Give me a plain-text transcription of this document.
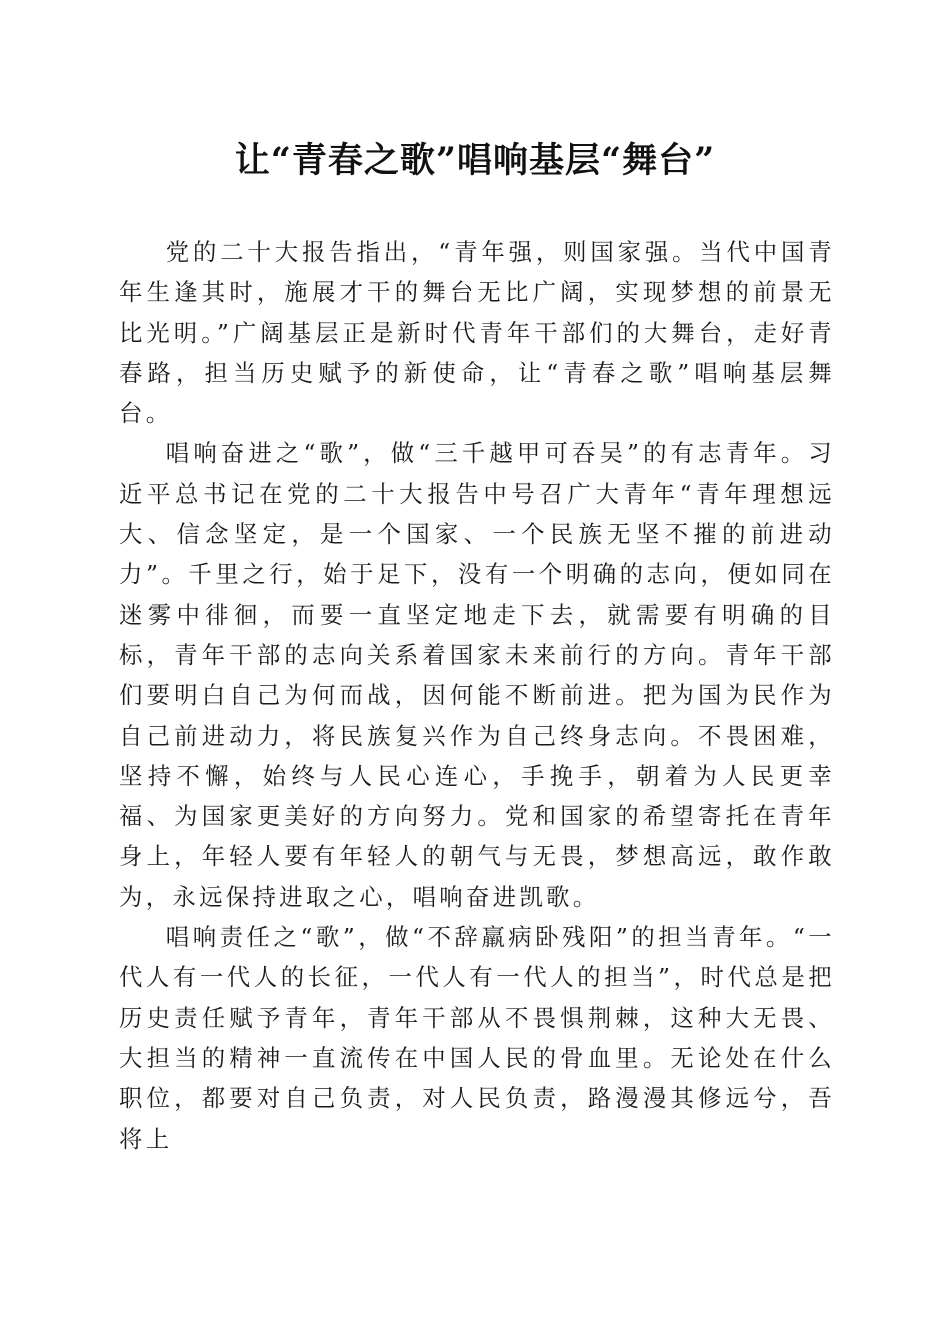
让“青春之歌”唱响基层“舞台”

党的二十大报告指出，“青年强，则国家强。当代中国青年生逢其时，施展才干的舞台无比广阔，实现梦想的前景无比光明。”广阔基层正是新时代青年干部们的大舞台，走好青春路，担当历史赋予的新使命，让“青春之歌”唱响基层舞台。

唱响奋进之“歌”，做“三千越甲可吞吴”的有志青年。习近平总书记在党的二十大报告中号召广大青年“青年理想远大、信念坚定，是一个国家、一个民族无坚不摧的前进动力”。千里之行，始于足下，没有一个明确的志向，便如同在迷雾中徘徊，而要一直坚定地走下去，就需要有明确的目标，青年干部的志向关系着国家未来前行的方向。青年干部们要明白自己为何而战，因何能不断前进。把为国为民作为自己前进动力，将民族复兴作为自己终身志向。不畏困难，坚持不懈，始终与人民心连心，手挽手，朝着为人民更幸福、为国家更美好的方向努力。党和国家的希望寄托在青年身上，年轻人要有年轻人的朝气与无畏，梦想高远，敢作敢为，永远保持进取之心，唱响奋进凯歌。

唱响责任之“歌”，做“不辞羸病卧残阳”的担当青年。“一代人有一代人的长征，一代人有一代人的担当”，时代总是把历史责任赋予青年，青年干部从不畏惧荆棘，这种大无畏、大担当的精神一直流传在中国人民的骨血里。无论处在什么职位，都要对自己负责，对人民负责，路漫漫其修远兮，吾将上
